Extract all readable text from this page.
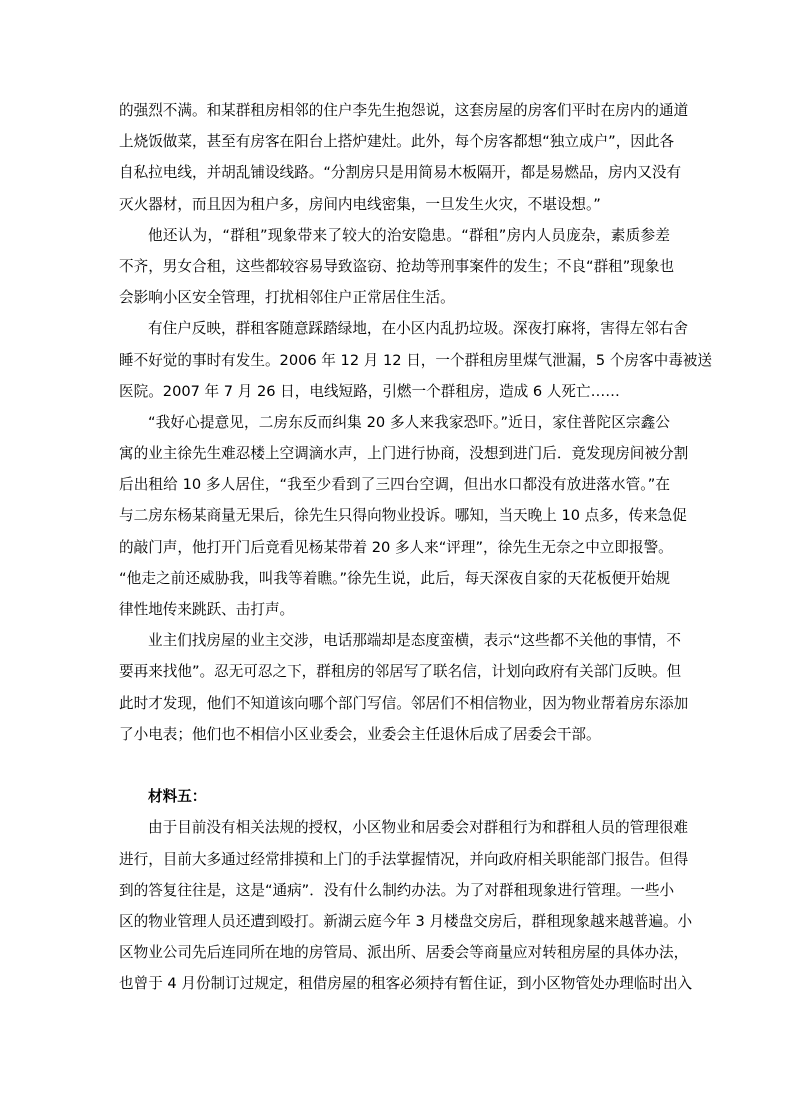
的强烈不满。和某群租房相邻的住户李先生抱怨说，这套房屋的房客们平时在房内的通道
上烧饭做菜，甚至有房客在阳台上搭炉建灶。此外，每个房客都想“独立成户”，因此各
自私拉电线，并胡乱铺设线路。“分割房只是用简易木板隔开，都是易燃品，房内又没有
灭火器材，而且因为租户多，房间内电线密集，一旦发生火灾，不堪设想。”
他还认为，“群租”现象带来了较大的治安隐患。“群租”房内人员庞杂，素质参差
不齐，男女合租，这些都较容易导致盗窃、抢劫等刑事案件的发生；不良“群租”现象也
会影响小区安全管理，打扰相邻住户正常居住生活。
有住户反映，群租客随意踩踏绿地，在小区内乱扔垃圾。深夜打麻将，害得左邻右舍
睡不好觉的事时有发生。2006 年 12 月 12 日，一个群租房里煤气泄漏，5 个房客中毒被送
医院。2007 年 7 月 26 日，电线短路，引燃一个群租房，造成 6 人死亡……
“我好心提意见，二房东反而纠集 20 多人来我家恐吓。”近日，家住普陀区宗鑫公
寓的业主徐先生难忍楼上空调滴水声，上门进行协商，没想到进门后．竟发现房间被分割
后出租给 10 多人居住，“我至少看到了三四台空调，但出水口都没有放进落水管。”在
与二房东杨某商量无果后，徐先生只得向物业投诉。哪知，当天晚上 10 点多，传来急促
的敲门声，他打开门后竟看见杨某带着 20 多人来“评理”，徐先生无奈之中立即报警。
“他走之前还威胁我，叫我等着瞧。”徐先生说，此后，每天深夜自家的天花板便开始规
律性地传来跳跃、击打声。
业主们找房屋的业主交涉，电话那端却是态度蛮横，表示“这些都不关他的事情，不
要再来找他”。忍无可忍之下，群租房的邻居写了联名信，计划向政府有关部门反映。但
此时才发现，他们不知道该向哪个部门写信。邻居们不相信物业，因为物业帮着房东添加
了小电表；他们也不相信小区业委会，业委会主任退休后成了居委会干部。
材料五：
由于目前没有相关法规的授权，小区物业和居委会对群租行为和群租人员的管理很难
进行，目前大多通过经常排摸和上门的手法掌握情况，并向政府相关职能部门报告。但得
到的答复往往是，这是“通病”．没有什么制约办法。为了对群租现象进行管理。一些小
区的物业管理人员还遭到殴打。新湖云庭今年 3 月楼盘交房后，群租现象越来越普遍。小
区物业公司先后连同所在地的房管局、派出所、居委会等商量应对转租房屋的具体办法，
也曾于 4 月份制订过规定，租借房屋的租客必须持有暂住证，到小区物管处办理临时出入
